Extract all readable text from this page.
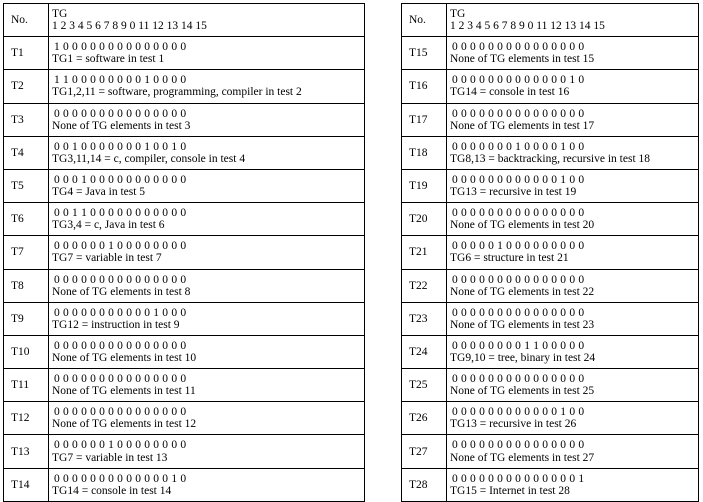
No.	TG
1 2 3 4 5 6 7 8 9 0 11 12 13 14 15

T1	1 0 0 0 0 0 0 0 0 0 0 0 0 0 0
TG1 = software in test 1

T2	1 1 0 0 0 0 0 0 0 0 1 0 0 0 0
TG1,2,11 = software, programming, compiler in test 2

T3	0 0 0 0 0 0 0 0 0 0 0 0 0 0 0
None of TG elements in test 3

T4	0 0 1 0 0 0 0 0 0 0 1 0 0 1 0
TG3,11,14 = c, compiler, console in test 4

T5	0 0 0 1 0 0 0 0 0 0 0 0 0 0 0
TG4 = Java in test 5

T6	0 0 1 1 0 0 0 0 0 0 0 0 0 0 0
TG3,4 = c, Java in test 6

T7	0 0 0 0 0 0 1 0 0 0 0 0 0 0 0
TG7 = variable in test 7

T8	0 0 0 0 0 0 0 0 0 0 0 0 0 0 0
None of TG elements in test 8

T9	0 0 0 0 0 0 0 0 0 0 0 1 0 0 0
TG12 = instruction in test 9

T10	0 0 0 0 0 0 0 0 0 0 0 0 0 0 0
None of TG elements in test 10

T11	0 0 0 0 0 0 0 0 0 0 0 0 0 0 0
None of TG elements in test 11

T12	0 0 0 0 0 0 0 0 0 0 0 0 0 0 0
None of TG elements in test 12

T13	0 0 0 0 0 0 1 0 0 0 0 0 0 0 0
TG7 = variable in test 13

T14	0 0 0 0 0 0 0 0 0 0 0 0 0 1 0
TG14 = console in test 14
No.	TG
1 2 3 4 5 6 7 8 9 0 11 12 13 14 15

T15	0 0 0 0 0 0 0 0 0 0 0 0 0 0 0
None of TG elements in test 15

T16	0 0 0 0 0 0 0 0 0 0 0 0 0 1 0
TG14 = console in test 16

T17	0 0 0 0 0 0 0 0 0 0 0 0 0 0 0
None of TG elements in test 17

T18	0 0 0 0 0 0 0 1 0 0 0 0 1 0 0
TG8,13 = backtracking, recursive in test 18

T19	0 0 0 0 0 0 0 0 0 0 0 0 1 0 0
TG13 = recursive in test 19

T20	0 0 0 0 0 0 0 0 0 0 0 0 0 0 0
None of TG elements in test 20

T21	0 0 0 0 0 1 0 0 0 0 0 0 0 0 0
TG6 = structure in test 21

T22	0 0 0 0 0 0 0 0 0 0 0 0 0 0 0
None of TG elements in test 22

T23	0 0 0 0 0 0 0 0 0 0 0 0 0 0 0
None of TG elements in test 23

T24	0 0 0 0 0 0 0 0 1 1 0 0 0 0 0
TG9,10 = tree, binary in test 24

T25	0 0 0 0 0 0 0 0 0 0 0 0 0 0 0
None of TG elements in test 25

T26	0 0 0 0 0 0 0 0 0 0 0 0 1 0 0
TG13 = recursive in test 26

T27	0 0 0 0 0 0 0 0 0 0 0 0 0 0 0
None of TG elements in test 27

T28	0 0 0 0 0 0 0 0 0 0 0 0 0 0 1
TG15 = Internet in test 28
